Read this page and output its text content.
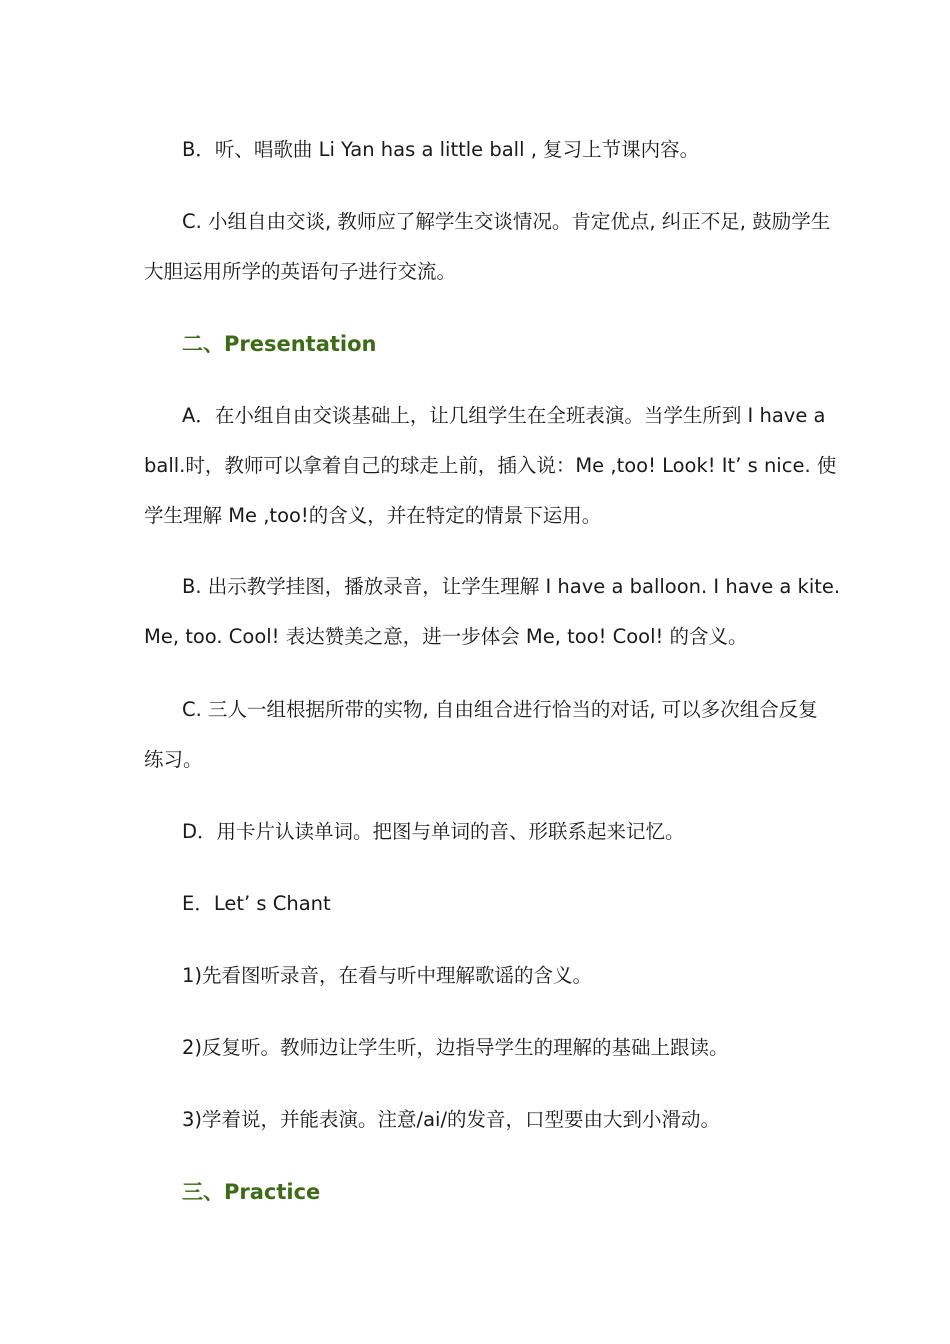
B．听、唱歌曲 Li Yan has a little ball , 复习上节课内容。
C. 小组自由交谈, 教师应了解学生交谈情况。肯定优点, 纠正不足, 鼓励学生
大胆运用所学的英语句子进行交流。
二、Presentation
A．在小组自由交谈基础上，让几组学生在全班表演。当学生所到 I have a
ball.时，教师可以拿着自己的球走上前，插入说：Me ,too! Look! It’ s nice. 使
学生理解 Me ,too!的含义，并在特定的情景下运用。
B. 出示教学挂图，播放录音，让学生理解 I have a balloon. I have a kite.
Me, too. Cool! 表达赞美之意，进一步体会 Me, too! Cool! 的含义。
C. 三人一组根据所带的实物, 自由组合进行恰当的对话, 可以多次组合反复
练习。
D．用卡片认读单词。把图与单词的音、形联系起来记忆。
E．Let’ s Chant
1)先看图听录音，在看与听中理解歌谣的含义。
2)反复听。教师边让学生听，边指导学生的理解的基础上跟读。
3)学着说，并能表演。注意/ai/的发音，口型要由大到小滑动。
三、Practice
